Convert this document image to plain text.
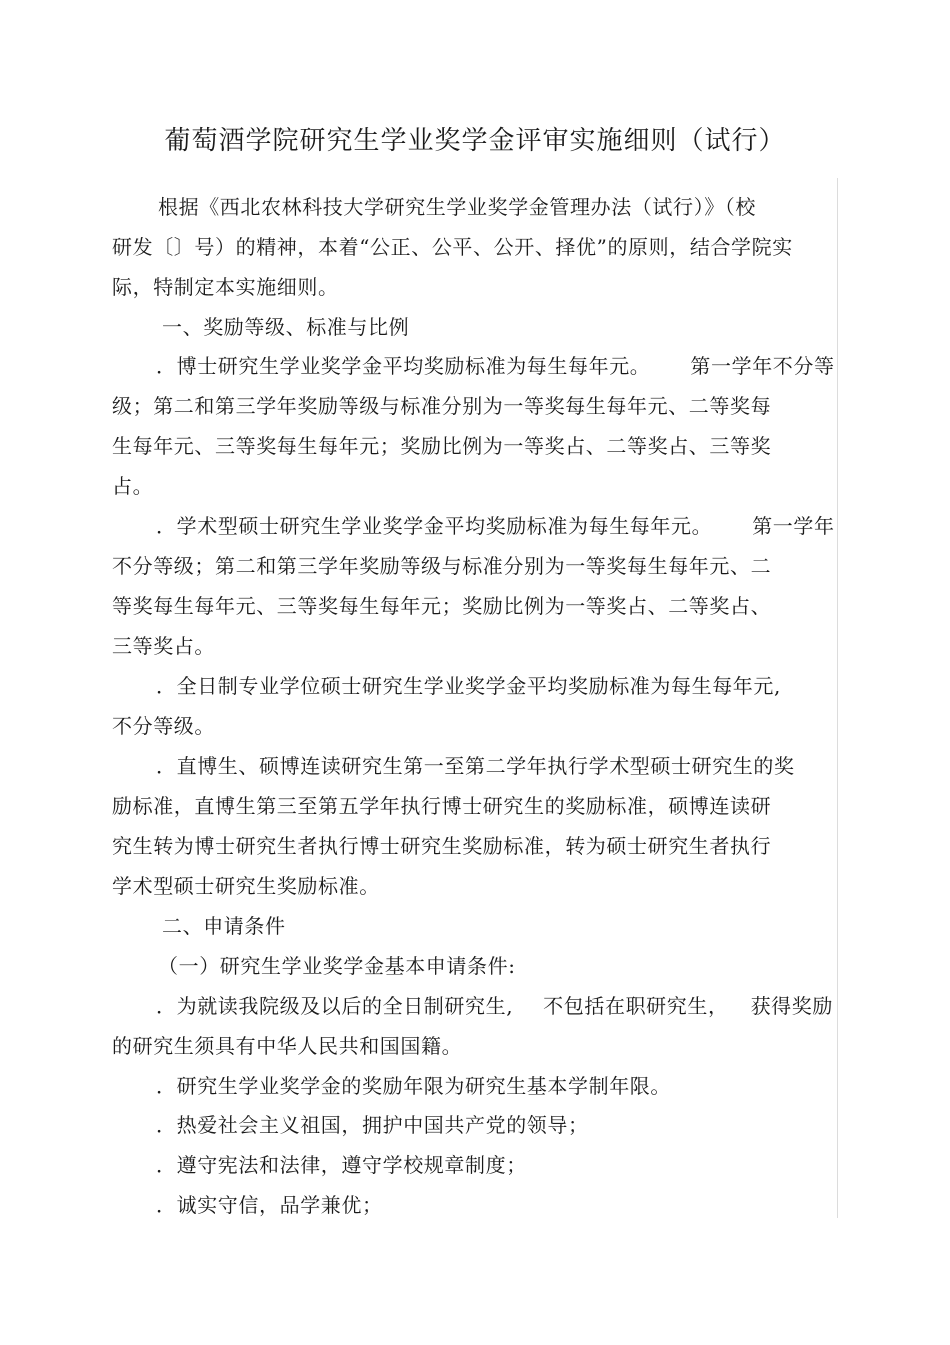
葡萄酒学院研究生学业奖学金评审实施细则（试行）
根据《西北农林科技大学研究生学业奖学金管理办法（试行）》（校
研发〔〕号）的精神，本着“公正、公平、公开、择优”的原则，结合学院实
际，特制定本实施细则。
一、奖励等级、标准与比例
．博士研究生学业奖学金平均奖励标准为每生每年元。 第一学年不分等
级；第二和第三学年奖励等级与标准分别为一等奖每生每年元、二等奖每
生每年元、三等奖每生每年元；奖励比例为一等奖占、二等奖占、三等奖
占。
．学术型硕士研究生学业奖学金平均奖励标准为每生每年元。 第一学年
不分等级；第二和第三学年奖励等级与标准分别为一等奖每生每年元、二
等奖每生每年元、三等奖每生每年元；奖励比例为一等奖占、二等奖占、
三等奖占。
．全日制专业学位硕士研究生学业奖学金平均奖励标准为每生每年元,
不分等级。
．直博生、硕博连读研究生第一至第二学年执行学术型硕士研究生的奖
励标准，直博生第三至第五学年执行博士研究生的奖励标准，硕博连读研
究生转为博士研究生者执行博士研究生奖励标准，转为硕士研究生者执行
学术型硕士研究生奖励标准。
二、申请条件
（一）研究生学业奖学金基本申请条件:
．为就读我院级及以后的全日制研究生, 不包括在职研究生， 获得奖励
的研究生须具有中华人民共和国国籍。
．研究生学业奖学金的奖励年限为研究生基本学制年限。
．热爱社会主义祖国，拥护中国共产党的领导；
．遵守宪法和法律，遵守学校规章制度；
．诚实守信，品学兼优；
